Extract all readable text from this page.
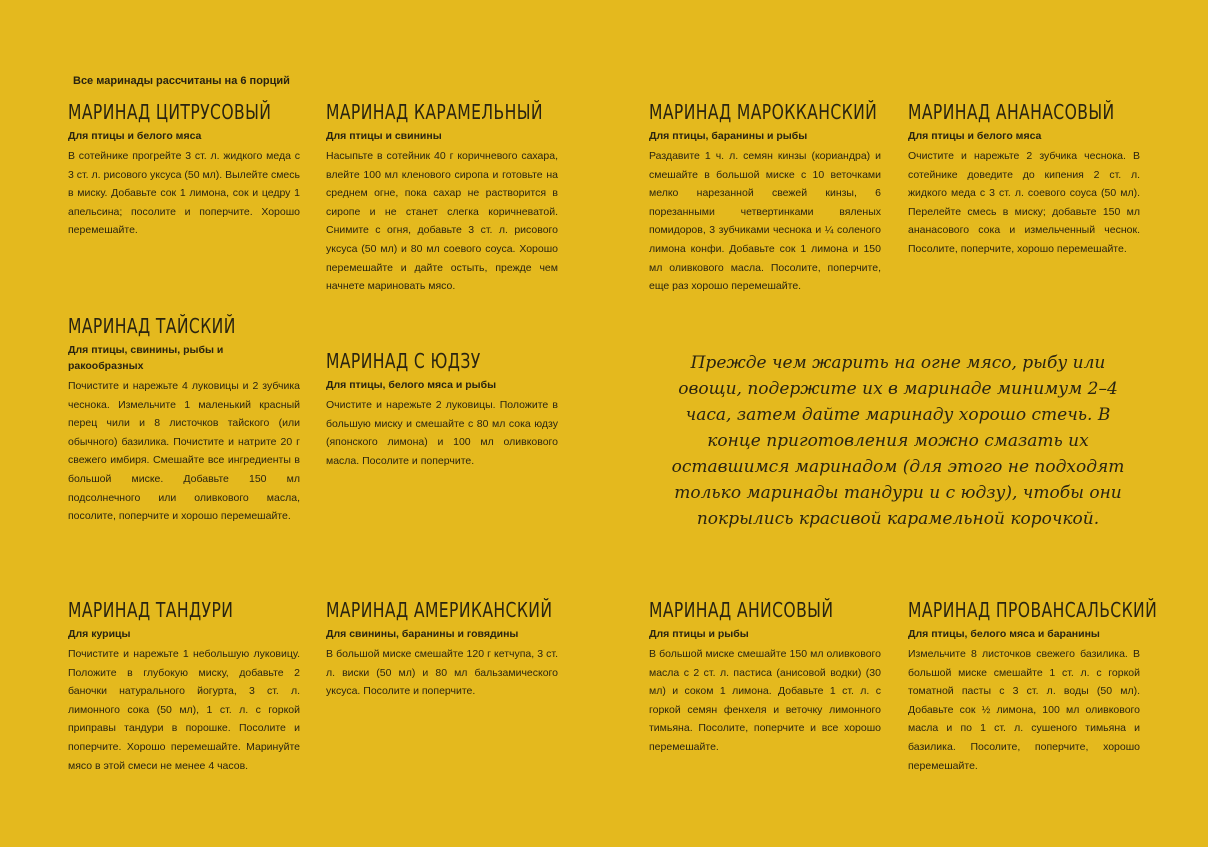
Все маринады рассчитаны на 6 порций
МАРИНАД ЦИТРУСОВЫЙ
Для птицы и белого мяса
В сотейнике прогрейте 3 ст. л. жидкого меда с 3 ст. л. рисового уксуса (50 мл). Вылейте смесь в миску. Добавьте сок 1 лимона, сок и цедру 1 апельсина; посолите и поперчите. Хорошо перемешайте.
МАРИНАД КАРАМЕЛЬНЫЙ
Для птицы и свинины
Насыпьте в сотейник 40 г коричневого сахара, влейте 100 мл кленового сиропа и готовьте на среднем огне, пока сахар не растворится в сиропе и не станет слегка коричневатой. Снимите с огня, добавьте 3 ст. л. рисового уксуса (50 мл) и 80 мл соевого соуса. Хорошо перемешайте и дайте остыть, прежде чем начнете мариновать мясо.
МАРИНАД МАРОККАНСКИЙ
Для птицы, баранины и рыбы
Раздавите 1 ч. л. семян кинзы (кориандра) и смешайте в большой миске с 10 веточками мелко нарезанной свежей кинзы, 6 порезанными четвертинками вяленых помидоров, 3 зубчиками чеснока и ¼ соленого лимона конфи. Добавьте сок 1 лимона и 150 мл оливкового масла. Посолите, поперчите, еще раз хорошо перемешайте.
МАРИНАД АНАНАСОВЫЙ
Для птицы и белого мяса
Очистите и нарежьте 2 зубчика чеснока. В сотейнике доведите до кипения 2 ст. л. жидкого меда с 3 ст. л. соевого соуса (50 мл). Перелейте смесь в миску; добавьте 150 мл ананасового сока и измельченный чеснок. Посолите, поперчите, хорошо перемешайте.
МАРИНАД ТАЙСКИЙ
Для птицы, свинины, рыбы и ракообразных
Почистите и нарежьте 4 луковицы и 2 зубчика чеснока. Измельчите 1 маленький красный перец чили и 8 листочков тайского (или обычного) базилика. Почистите и натрите 20 г свежего имбиря. Смешайте все ингредиенты в большой миске. Добавьте 150 мл подсолнечного или оливкового масла, посолите, поперчите и хорошо перемешайте.
МАРИНАД С ЮДЗУ
Для птицы, белого мяса и рыбы
Очистите и нарежьте 2 луковицы. Положите в большую миску и смешайте с 80 мл сока юдзу (японского лимона) и 100 мл оливкового масла. Посолите и поперчите.
Прежде чем жарить на огне мясо, рыбу или овощи, подержите их в маринаде минимум 2–4 часа, затем дайте маринаду хорошо стечь. В конце приготовления можно смазать их оставшимся маринадом (для этого не подходят только маринады тандури и с юдзу), чтобы они покрылись красивой карамельной корочкой.
МАРИНАД ТАНДУРИ
Для курицы
Почистите и нарежьте 1 небольшую луковицу. Положите в глубокую миску, добавьте 2 баночки натурального йогурта, 3 ст. л. лимонного сока (50 мл), 1 ст. л. с горкой приправы тандури в порошке. Посолите и поперчите. Хорошо перемешайте. Маринуйте мясо в этой смеси не менее 4 часов.
МАРИНАД АМЕРИКАНСКИЙ
Для свинины, баранины и говядины
В большой миске смешайте 120 г кетчупа, 3 ст. л. виски (50 мл) и 80 мл бальзамического уксуса. Посолите и поперчите.
МАРИНАД АНИСОВЫЙ
Для птицы и рыбы
В большой миске смешайте 150 мл оливкового масла с 2 ст. л. пастиса (анисовой водки) (30 мл) и соком 1 лимона. Добавьте 1 ст. л. с горкой семян фенхеля и веточку лимонного тимьяна. Посолите, поперчите и все хорошо перемешайте.
МАРИНАД ПРОВАНСАЛЬСКИЙ
Для птицы, белого мяса и баранины
Измельчите 8 листочков свежего базилика. В большой миске смешайте 1 ст. л. с горкой томатной пасты с 3 ст. л. воды (50 мл). Добавьте сок ½ лимона, 100 мл оливкового масла и по 1 ст. л. сушеного тимьяна и базилика. Посолите, поперчите, хорошо перемешайте.
